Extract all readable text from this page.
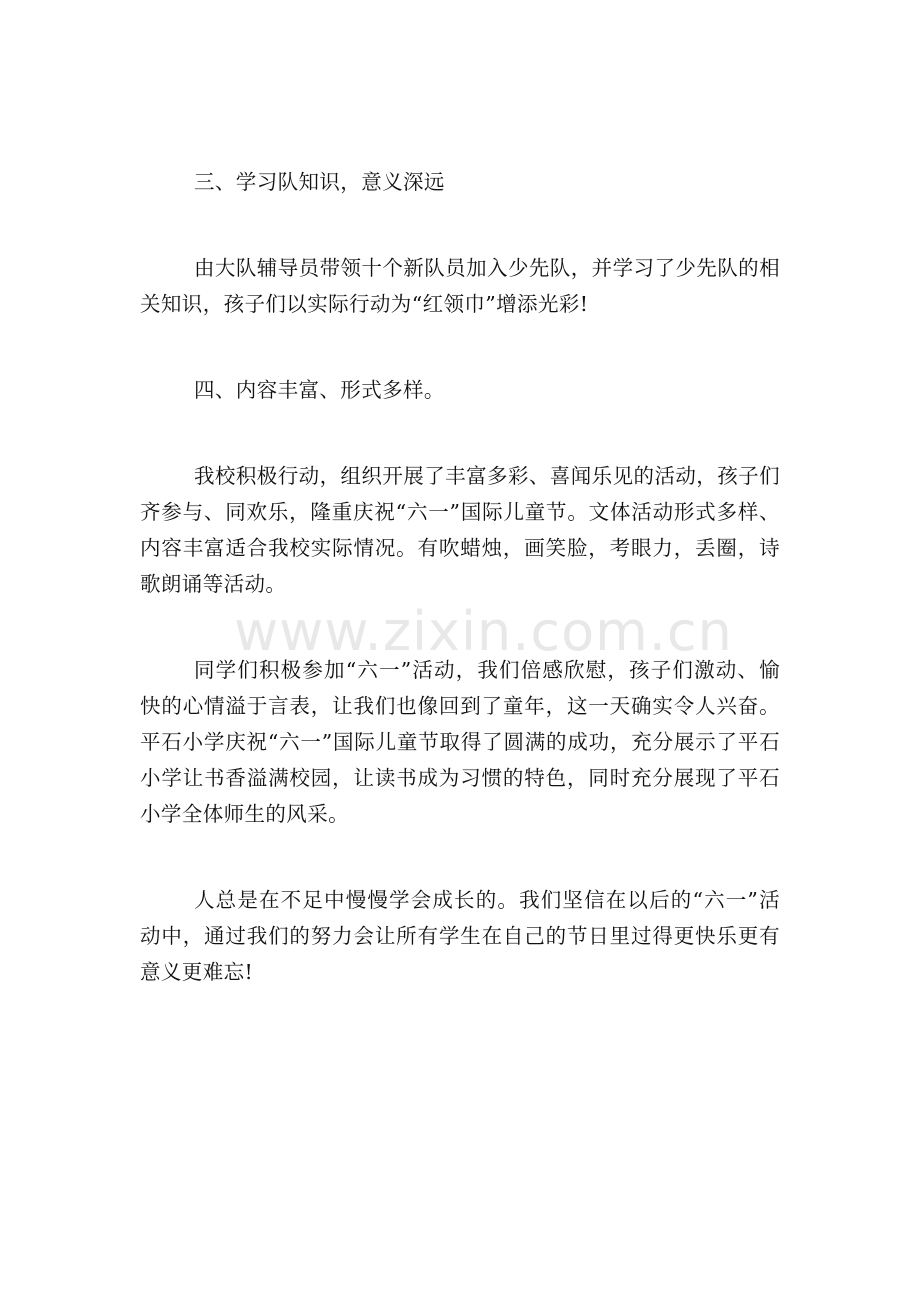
www.zixin.com.cn

三、学习队知识，意义深远

由大队辅导员带领十个新队员加入少先队，并学习了少先队的相关知识，孩子们以实际行动为“红领巾”增添光彩!

四、内容丰富、形式多样。

我校积极行动，组织开展了丰富多彩、喜闻乐见的活动，孩子们齐参与、同欢乐，隆重庆祝“六一”国际儿童节。文体活动形式多样、内容丰富适合我校实际情况。有吹蜡烛，画笑脸，考眼力，丢圈，诗歌朗诵等活动。

同学们积极参加“六一”活动，我们倍感欣慰，孩子们激动、愉快的心情溢于言表，让我们也像回到了童年，这一天确实令人兴奋。平石小学庆祝“六一”国际儿童节取得了圆满的成功，充分展示了平石小学让书香溢满校园，让读书成为习惯的特色，同时充分展现了平石小学全体师生的风采。

人总是在不足中慢慢学会成长的。我们坚信在以后的“六一”活动中，通过我们的努力会让所有学生在自己的节日里过得更快乐更有意义更难忘!
